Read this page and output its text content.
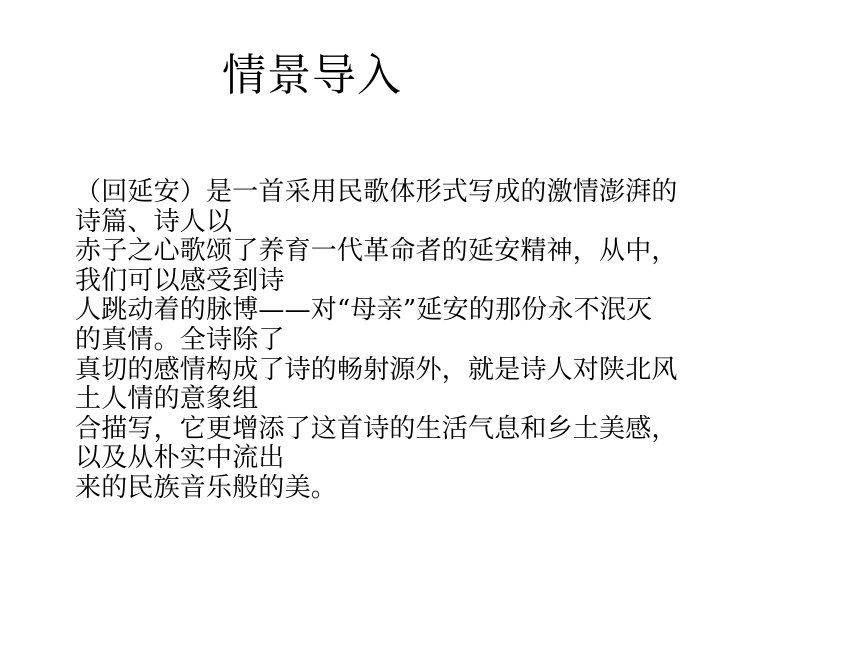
情景导入
（回延安）是一首采用民歌体形式写成的激情澎湃的
诗篇、诗人以
赤子之心歌颂了养育一代革命者的延安精神，从中，
我们可以感受到诗
人跳动着的脉博——对“母亲”延安的那份永不泯灭
的真情。全诗除了
真切的感情构成了诗的畅射源外，就是诗人对陕北风
土人情的意象组
合描写，它更增添了这首诗的生活气息和乡土美感，
以及从朴实中流出
来的民族音乐般的美。
